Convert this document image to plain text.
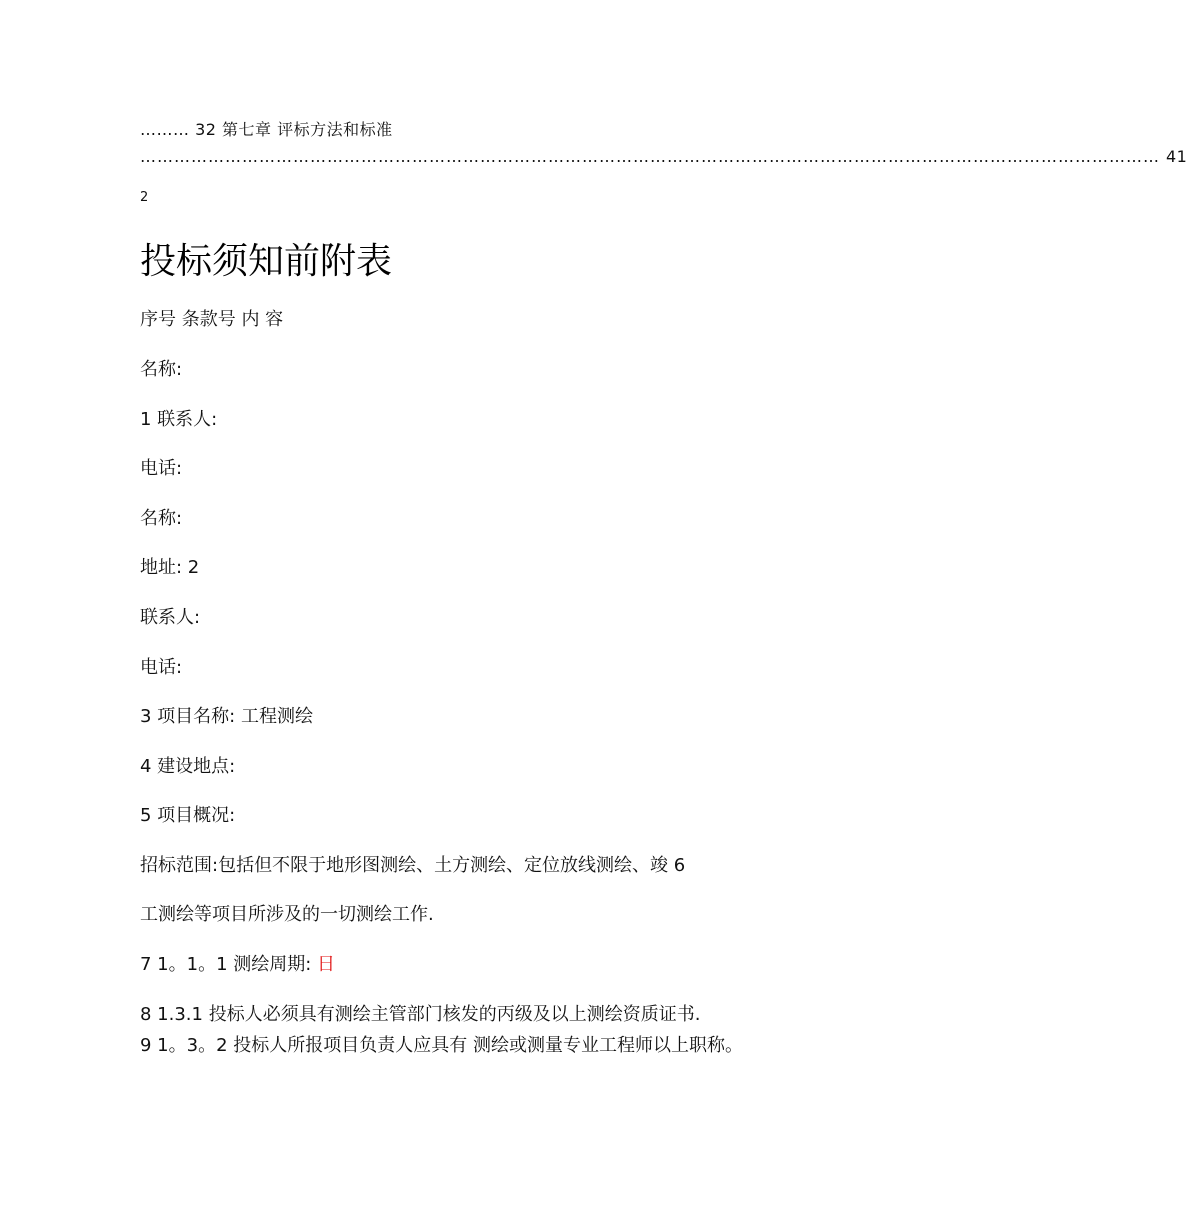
……… 32 第七章 评标方法和标准
……………………………………………………………………………………………………………………………………………………………… 41
2
投标须知前附表
序号 条款号 内 容
名称:
1 联系人:
电话:
名称:
地址: 2
联系人:
电话:
3 项目名称: 工程测绘
4 建设地点:
5 项目概况:
招标范围:包括但不限于地形图测绘、土方测绘、定位放线测绘、竣 6
工测绘等项目所涉及的一切测绘工作.
7 1。1。1 测绘周期: 日
8 1.3.1 投标人必须具有测绘主管部门核发的丙级及以上测绘资质证书.
9 1。3。2 投标人所报项目负责人应具有 测绘或测量专业工程师以上职称。
